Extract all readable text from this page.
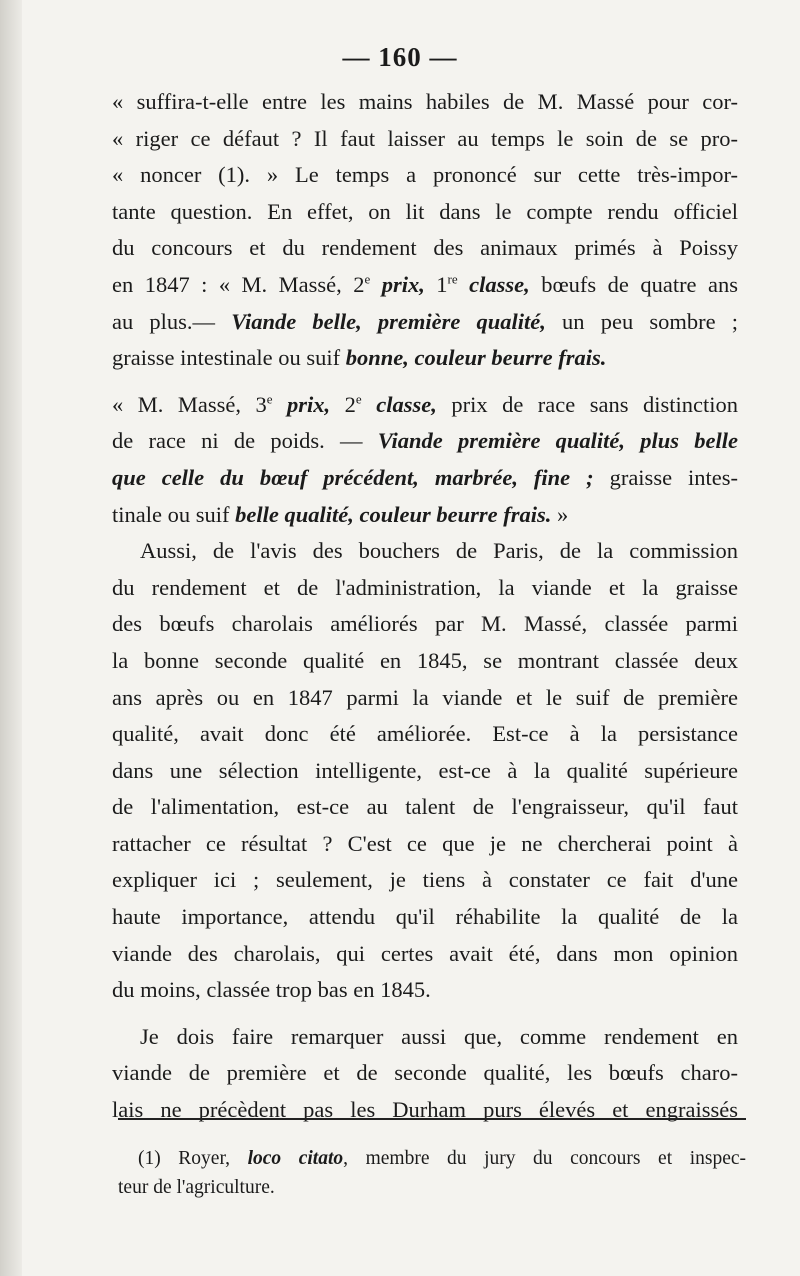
— 160 —
« suffira-t-elle entre les mains habiles de M. Massé pour cor-
« riger ce défaut ? Il faut laisser au temps le soin de se pro-
« noncer (1). » Le temps a prononcé sur cette très-impor-
tante question. En effet, on lit dans le compte rendu officiel
du concours et du rendement des animaux primés à Poissy
en 1847 : « M. Massé, 2e prix, 1re classe, bœufs de quatre ans
au plus.— Viande belle, première qualité, un peu sombre ;
graisse intestinale ou suif bonne, couleur beurre frais.
« M. Massé, 3e prix, 2e classe, prix de race sans distinction
de race ni de poids. — Viande première qualité, plus belle
que celle du bœuf précédent, marbrée, fine ; graisse intes-
tinale ou suif belle qualité, couleur beurre frais. »
Aussi, de l'avis des bouchers de Paris, de la commission
du rendement et de l'administration, la viande et la graisse
des bœufs charolais améliorés par M. Massé, classée parmi
la bonne seconde qualité en 1845, se montrant classée deux
ans après ou en 1847 parmi la viande et le suif de première
qualité, avait donc été améliorée. Est-ce à la persistance
dans une sélection intelligente, est-ce à la qualité supérieure
de l'alimentation, est-ce au talent de l'engraisseur, qu'il faut
rattacher ce résultat ? C'est ce que je ne chercherai point à
expliquer ici ; seulement, je tiens à constater ce fait d'une
haute importance, attendu qu'il réhabilite la qualité de la
viande des charolais, qui certes avait été, dans mon opinion
du moins, classée trop bas en 1845.
Je dois faire remarquer aussi que, comme rendement en
viande de première et de seconde qualité, les bœufs charo-
lais ne précèdent pas les Durham purs élevés et engraissés
(1) Royer, loco citato, membre du jury du concours et inspec-
teur de l'agriculture.
